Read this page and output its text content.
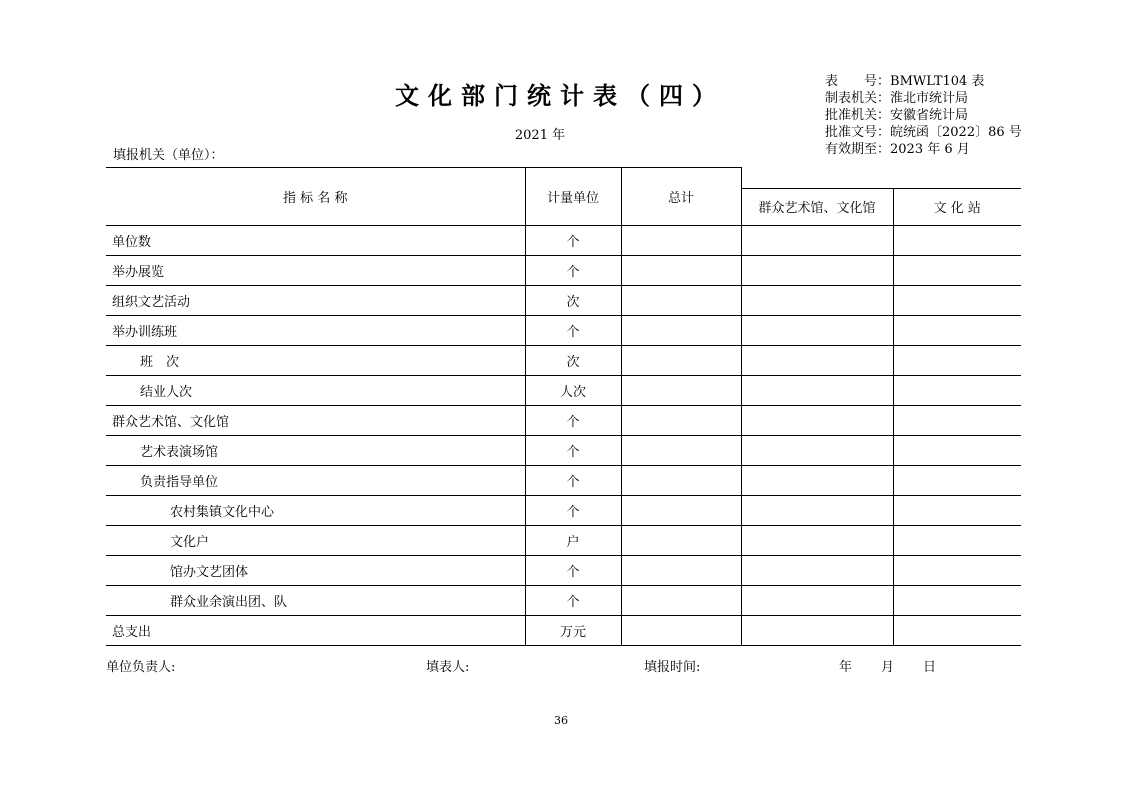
文化部门统计表（四）
2021 年
填报机关（单位）：
表　　号：BMWLT104 表
制表机关：淮北市统计局
批准机关：安徽省统计局
批准文号：皖统函〔2022〕86 号
有效期至：2023 年 6 月
指 标 名 称	计量单位	总计		
			群众艺术馆、文化馆	文 化 站
单位数	个			
举办展览	个			
组织文艺活动	次			
举办训练班	个			
班　次	次			
结业人次	人次			
群众艺术馆、文化馆	个			
艺术表演场馆	个			
负责指导单位	个			
农村集镇文化中心	个			
文化户	户			
馆办文艺团体	个			
群众业余演出团、队	个			
总支出	万元			
单位负责人:	填表人:	填报时间:	年 月 日
36
